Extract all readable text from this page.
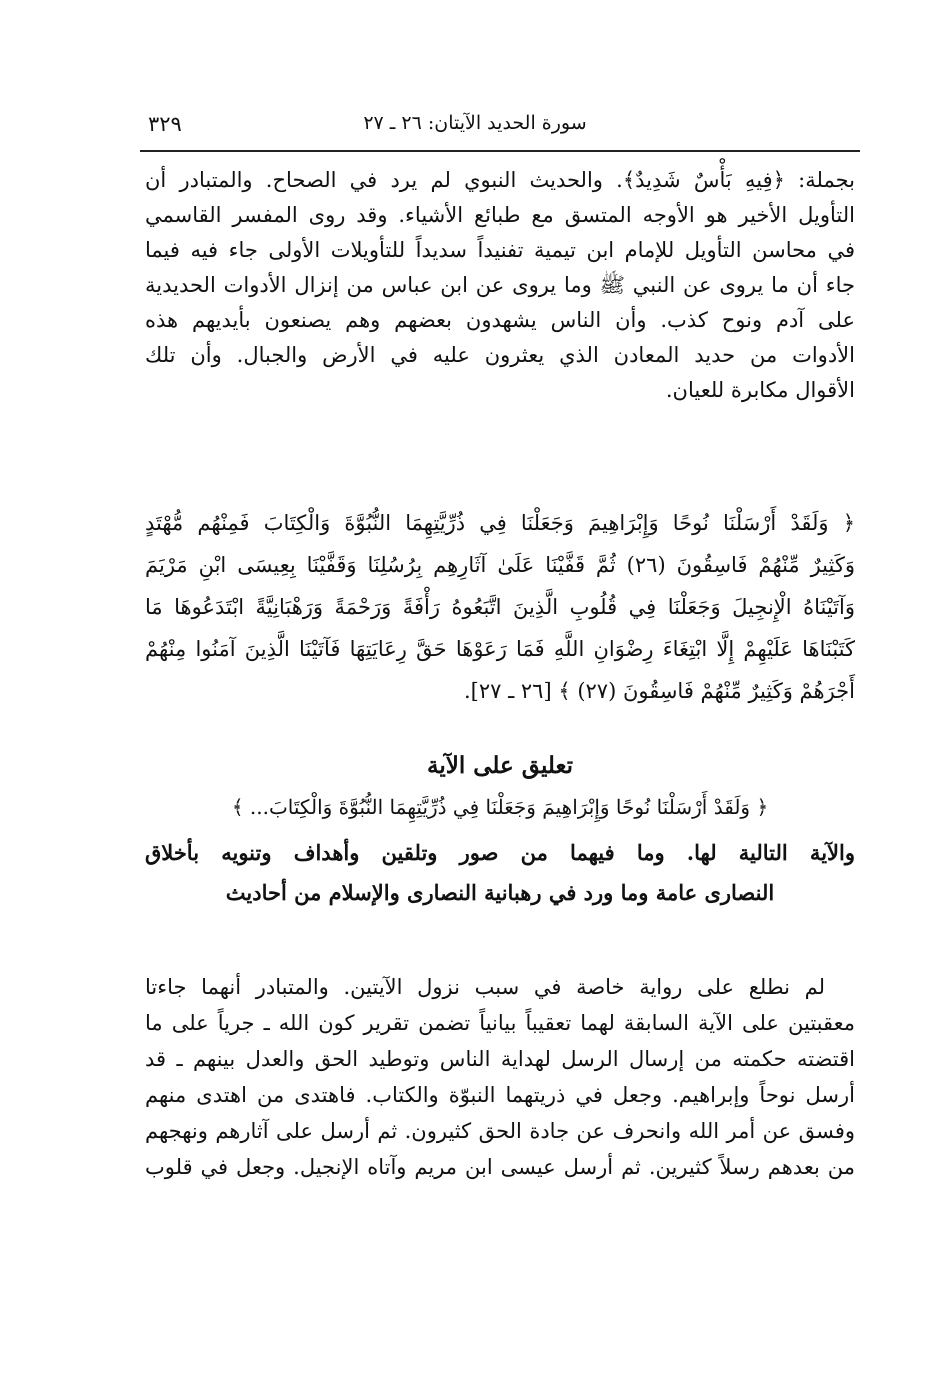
٣٢٩	سورة الحديد الآيتان: ٢٦ ـ ٢٧
بجملة: ﴿فِيهِ بَأْسٌ شَدِيدٌ﴾. والحديث النبوي لم يرد في الصحاح. والمتبادر أن
التأويل الأخير هو الأوجه المتسق مع طبائع الأشياء. وقد روى المفسر القاسمي
في محاسن التأويل للإمام ابن تيمية تفنيداً سديداً للتأويلات الأولى جاء فيه فيما
جاء أن ما يروى عن النبي ﷺ وما يروى عن ابن عباس من إنزال الأدوات الحديدية
على آدم ونوح كذب. وأن الناس يشهدون بعضهم وهم يصنعون بأيديهم هذه
الأدوات من حديد المعادن الذي يعثرون عليه في الأرض والجبال. وأن تلك
الأقوال مكابرة للعيان.
﴿ وَلَقَدْ أَرْسَلْنَا نُوحًا وَإِبْرَاهِيمَ وَجَعَلْنَا فِي ذُرِّيَّتِهِمَا النُّبُوَّةَ وَالْكِتَابَ فَمِنْهُم مُّهْتَدٍ
وَكَثِيرٌ مِّنْهُمْ فَاسِقُونَ (٢٦) ثُمَّ قَفَّيْنَا عَلَىٰ آثَارِهِم بِرُسُلِنَا وَقَفَّيْنَا بِعِيسَى ابْنِ مَرْيَمَ
وَآتَيْنَاهُ الْإِنجِيلَ وَجَعَلْنَا فِي قُلُوبِ الَّذِينَ اتَّبَعُوهُ رَأْفَةً وَرَحْمَةً وَرَهْبَانِيَّةً ابْتَدَعُوهَا مَا
كَتَبْنَاهَا عَلَيْهِمْ إِلَّا ابْتِغَاءَ رِضْوَانِ اللَّهِ فَمَا رَعَوْهَا حَقَّ رِعَايَتِهَا فَآتَيْنَا الَّذِينَ آمَنُوا مِنْهُمْ
أَجْرَهُمْ وَكَثِيرٌ مِّنْهُمْ فَاسِقُونَ (٢٧) ﴾ [٢٦ ـ ٢٧].
تعليق على الآية
﴿ وَلَقَدْ أَرْسَلْنَا نُوحًا وَإِبْرَاهِيمَ وَجَعَلْنَا فِي ذُرِّيَّتِهِمَا النُّبُوَّةَ وَالْكِتَابَ... ﴾
والآية التالية لها. وما فيهما من صور وتلقين وأهداف وتنويه بأخلاق
النصارى عامة وما ورد في رهبانية النصارى والإسلام من أحاديث
لم نطلع على رواية خاصة في سبب نزول الآيتين. والمتبادر أنهما جاءتا
معقبتين على الآية السابقة لهما تعقيباً بيانياً تضمن تقرير كون الله ـ جرياً على ما
اقتضته حكمته من إرسال الرسل لهداية الناس وتوطيد الحق والعدل بينهم ـ قد
أرسل نوحاً وإبراهيم. وجعل في ذريتهما النبوّة والكتاب. فاهتدى من اهتدى منهم
وفسق عن أمر الله وانحرف عن جادة الحق كثيرون. ثم أرسل على آثارهم ونهجهم
من بعدهم رسلاً كثيرين. ثم أرسل عيسى ابن مريم وآتاه الإنجيل. وجعل في قلوب
